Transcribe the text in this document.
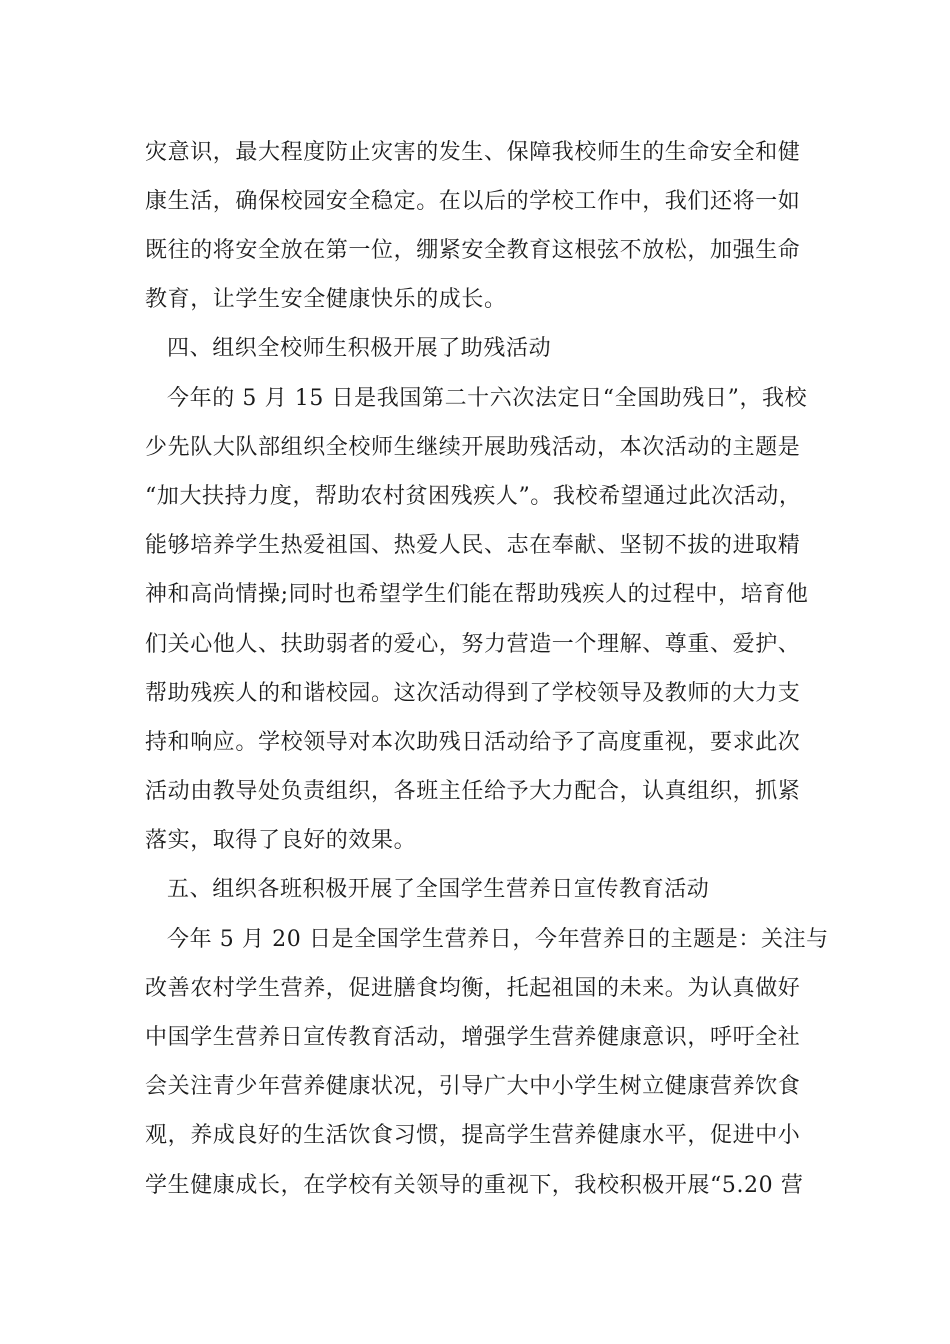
灾意识，最大程度防止灾害的发生、保障我校师生的生命安全和健
康生活，确保校园安全稳定。在以后的学校工作中，我们还将一如
既往的将安全放在第一位，绷紧安全教育这根弦不放松，加强生命
教育，让学生安全健康快乐的成长。
四、组织全校师生积极开展了助残活动
今年的 5 月 15 日是我国第二十六次法定日“全国助残日”，我校
少先队大队部组织全校师生继续开展助残活动，本次活动的主题是
“加大扶持力度，帮助农村贫困残疾人”。我校希望通过此次活动，
能够培养学生热爱祖国、热爱人民、志在奉献、坚韧不拔的进取精
神和高尚情操;同时也希望学生们能在帮助残疾人的过程中，培育他
们关心他人、扶助弱者的爱心，努力营造一个理解、尊重、爱护、
帮助残疾人的和谐校园。这次活动得到了学校领导及教师的大力支
持和响应。学校领导对本次助残日活动给予了高度重视，要求此次
活动由教导处负责组织，各班主任给予大力配合，认真组织，抓紧
落实，取得了良好的效果。
五、组织各班积极开展了全国学生营养日宣传教育活动
今年 5 月 20 日是全国学生营养日，今年营养日的主题是：关注与
改善农村学生营养，促进膳食均衡，托起祖国的未来。为认真做好
中国学生营养日宣传教育活动，增强学生营养健康意识，呼吁全社
会关注青少年营养健康状况，引导广大中小学生树立健康营养饮食
观，养成良好的生活饮食习惯，提高学生营养健康水平，促进中小
学生健康成长，在学校有关领导的重视下，我校积极开展“5.20 营
